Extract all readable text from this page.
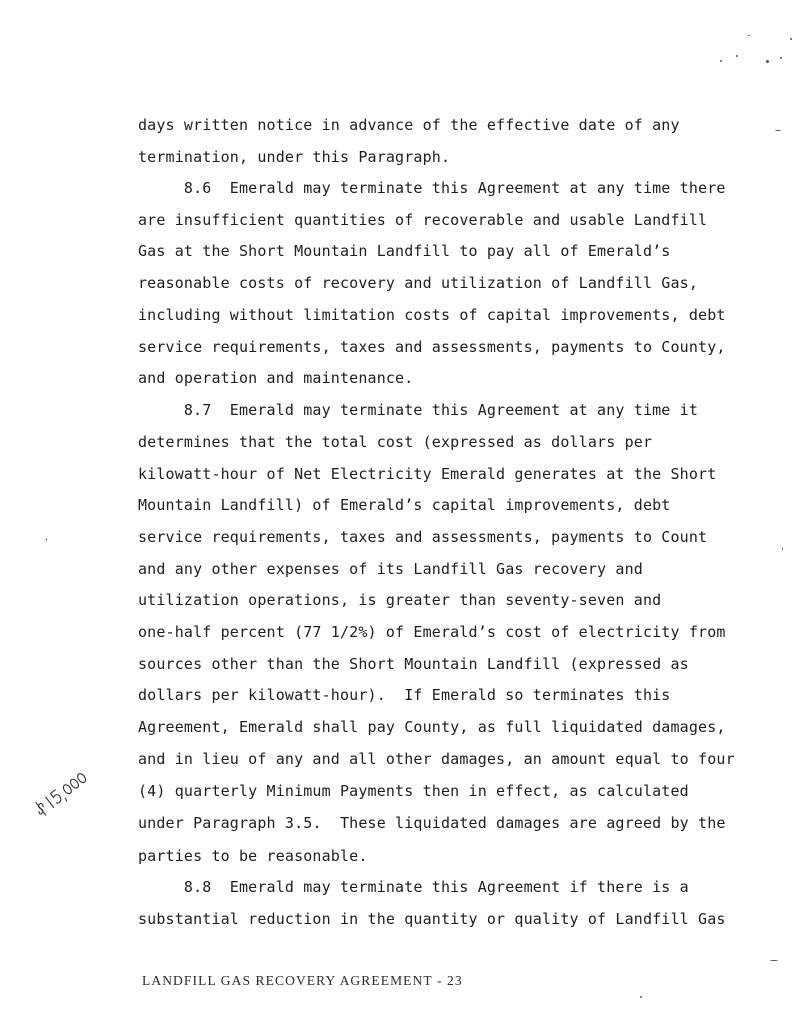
days written notice in advance of the effective date of any
termination, under this Paragraph.
8.6  Emerald may terminate this Agreement at any time there
are insufficient quantities of recoverable and usable Landfill
Gas at the Short Mountain Landfill to pay all of Emerald’s
reasonable costs of recovery and utilization of Landfill Gas,
including without limitation costs of capital improvements, debt
service requirements, taxes and assessments, payments to County,
and operation and maintenance.
8.7  Emerald may terminate this Agreement at any time it
determines that the total cost (expressed as dollars per
kilowatt-hour of Net Electricity Emerald generates at the Short
Mountain Landfill) of Emerald’s capital improvements, debt
service requirements, taxes and assessments, payments to Count
and any other expenses of its Landfill Gas recovery and
utilization operations, is greater than seventy-seven and
one-half percent (77 1/2%) of Emerald’s cost of electricity from
sources other than the Short Mountain Landfill (expressed as
dollars per kilowatt-hour).  If Emerald so terminates this
Agreement, Emerald shall pay County, as full liquidated damages,
and in lieu of any and all other damages, an amount equal to four
(4) quarterly Minimum Payments then in effect, as calculated
under Paragraph 3.5.  These liquidated damages are agreed by the
parties to be reasonable.
8.8  Emerald may terminate this Agreement if there is a
substantial reduction in the quantity or quality of Landfill Gas
LANDFILL GAS RECOVERY AGREEMENT - 23
